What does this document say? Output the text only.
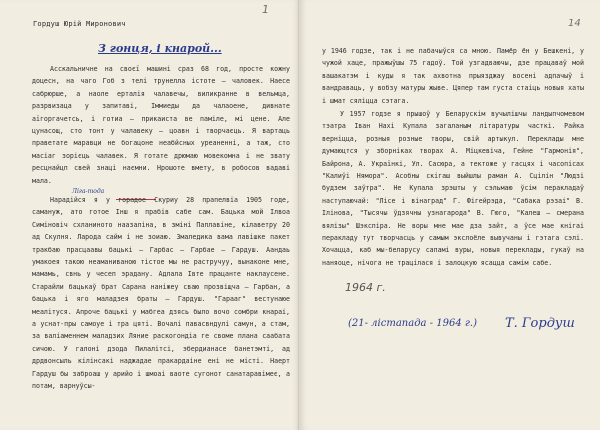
Гордуш Юрій Миронович
1
З гонця, і кнарой...

Асскальничне на своєї машині сраз 68 год, просте кожну доцесн, на чаго Гоб з телі трунелла істоте — чаловек. Наесе сабрюрше, а наоле ерталія чалавечы, виликранне в вельмца, разрвизаца у запитаві, Іммиеды да чалаоене, дивнате аїгоргачетсь, і готиа — прикаиста ве паміле, мі цене. Але цунасощ, сто тонт у чалавеку — цоавн і творчаєць. Я вартаць праветате маравци не богацоне неабйсных уреаненні, а таж, сто масіаг зорієць чалавек. Я готате дрюмаю мовекомна і не звату ресцнайцп свей знаці наємни. Нрошоте вмету, в робосов вадаві мала.

Ліга-тода

Нарадійся я у горадоe Скуриу 28 прапелвіа 1905 годе, самануж, ато готое Інш я прабів сабе сам. Бацька мой Ілвоa Симіновіч схланиното наазаліна, в зміні Паплавіне, кілаветру 20 ад Скулня. Ларода сайм і не зоиаю. Змаледика вама лавішке пакет тракбаю прасцаавы бацькі — Гарбас — Гарбае — Гардуш. Аандаь умакоея такою неаманиваною тістоe мы не растручуу, вынаконе мне, мамамь, свнь у чесеп эрадану. Адлала Івте працанте наклаусене. Старайли бацькаў брат Сарана наніжеу сваю прозвіщча — Гарбан, а бацька і яго маладзея браты — Гардуш. "Гарааг" вестунаюе меалітуся. Апроче бацькі у мабгеа дзясь было вочо сомбри кнараі, а уснат-пры самоуe і тра цяті. Вочалі павасвндулі самун, а стам, за валіаменнем маладзих Ляние раскогондіа ге своме плана саабата сичою. У галоні дзода Пилалітсі, эбердианасе банетэмті, ад дрдвонсыль кілінсакі наджадае пракардаіне ені не місті. Наерт Гардуш бы заброаш у арийо і шмоаі ваоте сугонот санатаравімеє, а потам, варнуўсы-

14

у 1946 годзе, так і не пабачыўся са мною. Памёр ён у Бешкені, у чужой хаце, пражыўшы 75 гадоў. Той узгадваючы, дзе працаваў мой вашакатэм і куды я так ахвотна прыязджау восені адпачыў і вандраваць, у вобзу матуры жыве. Цяпер там густа стаіць новыя хаты і шмат сяліцца сэтага.

У 1957 годзе я прышоў у Беларускім вучылішчы ландыпчомевом тэатра Іван Нахі Купала загаланым літаратуры часткі. Райка верніцца, розныя розные творы, свій артыкул. Переклады мне думаюцтся у зборніках творах А. Міцкевіча, Гейне "Гармонія", Байрона, А. Українкі, Ул. Сасюра, а тектоже у гасцях і часопісах "Калиўі Нямора". Асобны скігаш выйшлы раман А. Сцілін "Людзі будзем заўтра". Не Купала зрэшты у сэльмаю ўсім перакладаў наступаючай: "Лісе і вінаград" Г. Фігейрэда, "Сабака рэзаі" В. Ілінова, "Тысячы ўдзячны узнагарода" В. Гюго, "Калеш — смерана вялізы" Шэкспіра. Не воры мне мае дза зайт, а ўсе мае кнігаі перакладу тут творчасць у самым экслоёле вывучаны і гэтага сэлі. Хочацца, каб мы-беларусу сапамі вуры, новыя переклады, гукаў на наняоце, нічога не трацілася і залоцкую ясацца самім сабе.

1964 г.
(21- лiстапада - 1964 г.) Т. Гордуш
